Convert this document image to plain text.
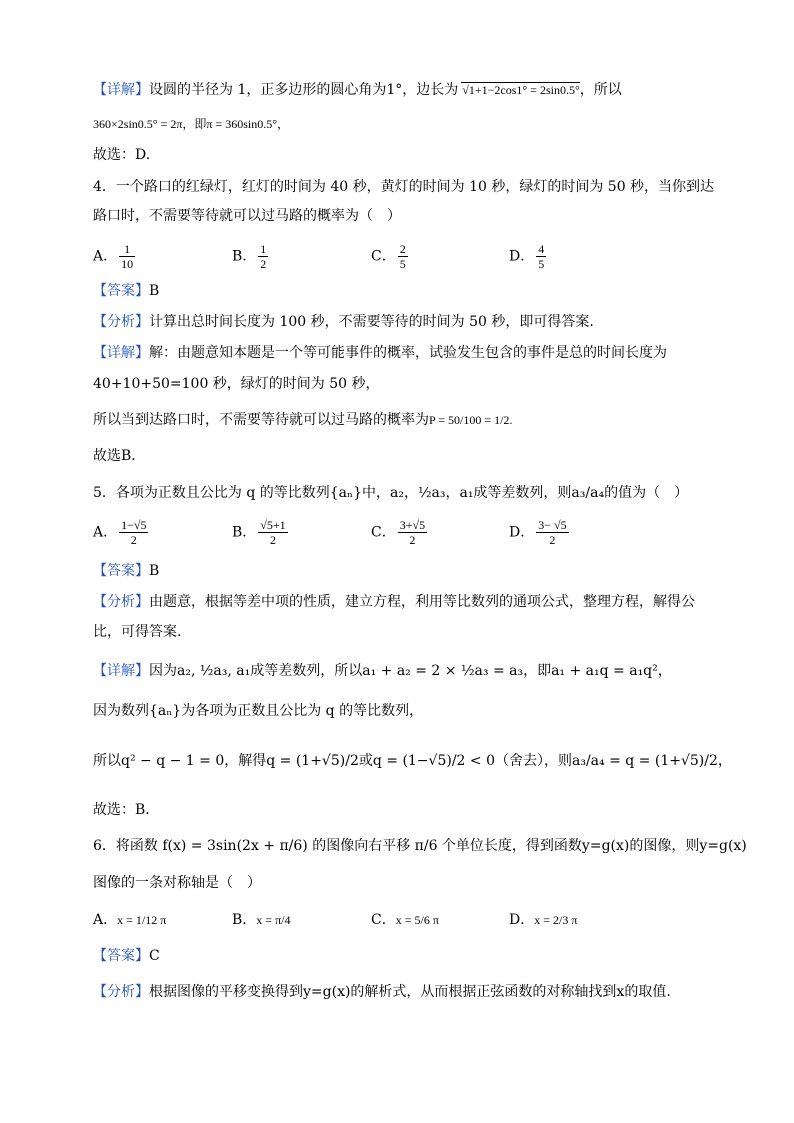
【详解】设圆的半径为 1，正多边形的圆心角为1°，边长为 √1+1−2cos1° = 2sin0.5°，所以
360×2sin0.5° = 2π，即π = 360sin0.5°，
故选：D.
4．一个路口的红绿灯，红灯的时间为 40 秒，黄灯的时间为 10 秒，绿灯的时间为 50 秒，当你到达
路口时，不需要等待就可以过马路的概率为（　）
A． $\frac{1}{10}$	B． $\frac{1}{2}$	C． $\frac{2}{5}$	D． $\frac{4}{5}$
【答案】B
【分析】计算出总时间长度为 100 秒，不需要等待的时间为 50 秒，即可得答案.
【详解】解：由题意知本题是一个等可能事件的概率，试验发生包含的事件是总的时间长度为
40+10+50=100 秒，绿灯的时间为 50 秒，
所以当到达路口时，不需要等待就可以过马路的概率为P = 50/100 = 1/2.
故选B．
5．各项为正数且公比为 q 的等比数列{aₙ}中，a₂，½a₃，a₁成等差数列，则a₃/a₄的值为（　）
A． $\frac{1-√5}{2}$	B． $\frac{√5+1}{2}$	C． $\frac{3+√5}{2}$	D． $\frac{3- √5}{2}$
【答案】B
【分析】由题意，根据等差中项的性质，建立方程，利用等比数列的通项公式，整理方程，解得公
比，可得答案.
【详解】因为a₂, ½a₃, a₁成等差数列，所以a₁ + a₂ = 2 × ½a₃ = a₃，即a₁ + a₁q = a₁q²，
因为数列{aₙ}为各项为正数且公比为 q 的等比数列，
所以q² − q − 1 = 0，解得q = (1+√5)/2或q = (1−√5)/2 < 0（舍去），则a₃/a₄ = q = (1+√5)/2，
故选：B．
6．将函数 f(x) = 3sin(2x + π/6) 的图像向右平移 π/6 个单位长度，得到函数y=g(x)的图像，则y=g(x)
图像的一条对称轴是（　）
A．x = 1/12 π	B．x = π/4	C．x = 5/6 π	D．x = 2/3 π
【答案】C
【分析】根据图像的平移变换得到y=g(x)的解析式，从而根据正弦函数的对称轴找到x的取值.
